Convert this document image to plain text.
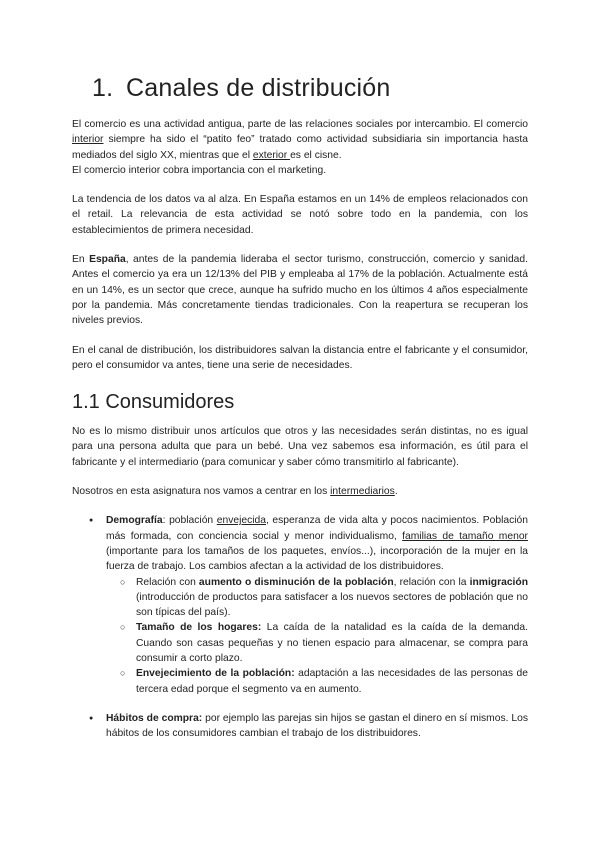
1. Canales de distribución

El comercio es una actividad antigua, parte de las relaciones sociales por intercambio. El comercio interior siempre ha sido el “patito feo” tratado como actividad subsidiaria sin importancia hasta mediados del siglo XX, mientras que el exterior es el cisne.
El comercio interior cobra importancia con el marketing.

La tendencia de los datos va al alza. En España estamos en un 14% de empleos relacionados con el retail. La relevancia de esta actividad se notó sobre todo en la pandemia, con los establecimientos de primera necesidad.

En España, antes de la pandemia lideraba el sector turismo, construcción, comercio y sanidad. Antes el comercio ya era un 12/13% del PIB y empleaba al 17% de la población. Actualmente está en un 14%, es un sector que crece, aunque ha sufrido mucho en los últimos 4 años especialmente por la pandemia. Más concretamente tiendas tradicionales. Con la reapertura se recuperan los niveles previos.

En el canal de distribución, los distribuidores salvan la distancia entre el fabricante y el consumidor, pero el consumidor va antes, tiene una serie de necesidades.

1.1 Consumidores

No es lo mismo distribuir unos artículos que otros y las necesidades serán distintas, no es igual para una persona adulta que para un bebé. Una vez sabemos esa información, es útil para el fabricante y el intermediario (para comunicar y saber cómo transmitirlo al fabricante).

Nosotros en esta asignatura nos vamos a centrar en los intermediarios.

● Demografía: población envejecida, esperanza de vida alta y pocos nacimientos. Población más formada, con conciencia social y menor individualismo, familias de tamaño menor (importante para los tamaños de los paquetes, envíos...), incorporación de la mujer en la fuerza de trabajo. Los cambios afectan a la actividad de los distribuidores.
○ Relación con aumento o disminución de la población, relación con la inmigración (introducción de productos para satisfacer a los nuevos sectores de población que no son típicas del país).
○ Tamaño de los hogares: La caída de la natalidad es la caída de la demanda. Cuando son casas pequeñas y no tienen espacio para almacenar, se compra para consumir a corto plazo.
○ Envejecimiento de la población: adaptación a las necesidades de las personas de tercera edad porque el segmento va en aumento.
● Hábitos de compra: por ejemplo las parejas sin hijos se gastan el dinero en sí mismos. Los hábitos de los consumidores cambian el trabajo de los distribuidores.
